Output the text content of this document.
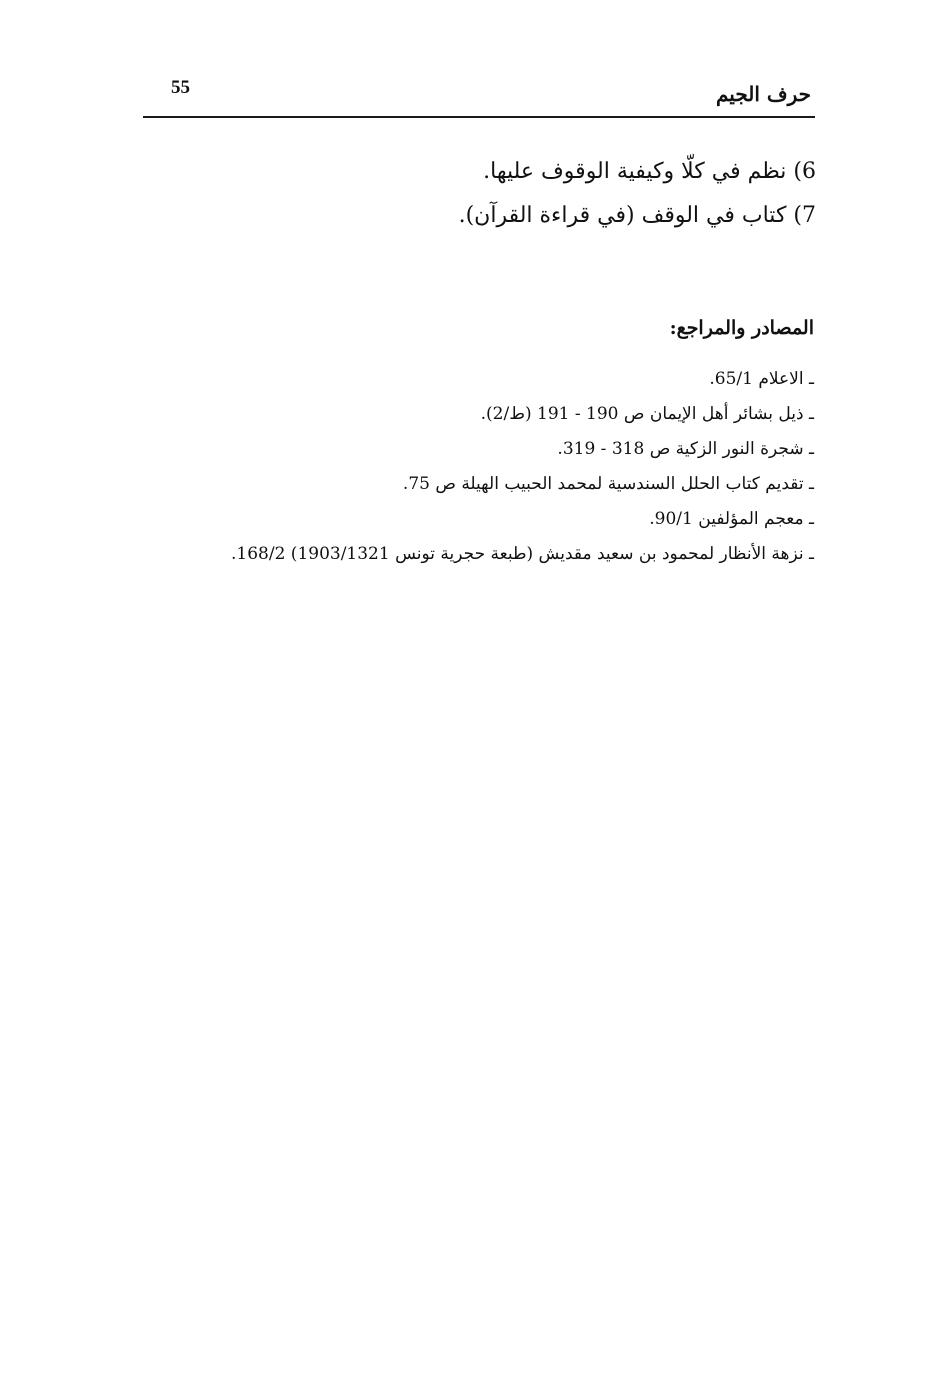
55	حرف الجيم
6) نظم في كلّا وكيفية الوقوف عليها.
7) كتاب في الوقف (في قراءة القرآن).
المصادر والمراجع:
ـ الاعلام 65/1.
ـ ذيل بشائر أهل الإيمان ص 190 - 191 (ط/2).
ـ شجرة النور الزكية ص 318 - 319.
ـ تقديم كتاب الحلل السندسية لمحمد الحبيب الهيلة ص 75.
ـ معجم المؤلفين 90/1.
ـ نزهة الأنظار لمحمود بن سعيد مقديش (طبعة حجرية تونس 1903/1321) 168/2.
